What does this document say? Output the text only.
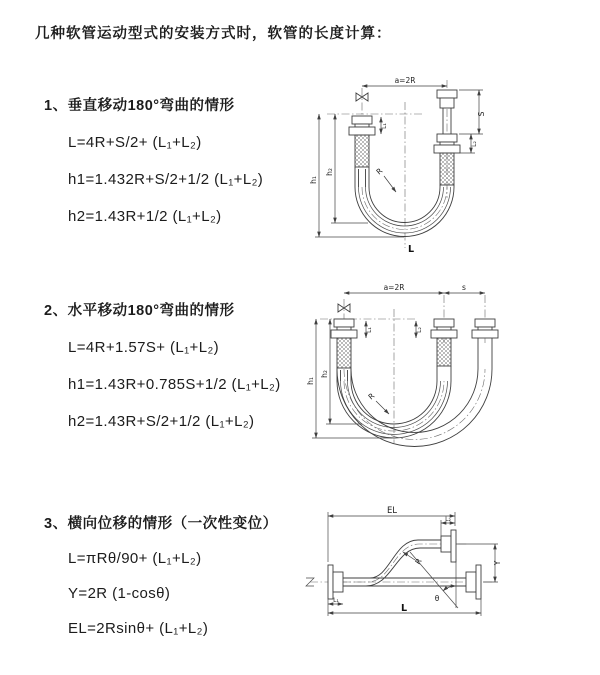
几种软管运动型式的安装方式时，软管的长度计算：
1、垂直移动180°弯曲的情形
L=4R+S/2+ (L₁+L₂)
h1=1.432R+S/2+1/2 (L₁+L₂)
h2=1.43R+1/2 (L₁+L₂)
2、水平移动180°弯曲的情形
L=4R+1.57S+ (L₁+L₂)
h1=1.43R+0.785S+1/2 (L₁+L₂)
h2=1.43R+S/2+1/2 (L₁+L₂)
3、横向位移的情形（一次性变位）
L=πRθ/90+ (L₁+L₂)
Y=2R (1-cosθ)
EL=2Rsinθ+ (L₁+L₂)
a=2R
R
h₁
h₂
L₁
S
L₂
L
a=2R	s
R
h₁
h₂
L₁	L₂
θ
R
EL
L₂
Y
L₁
L
